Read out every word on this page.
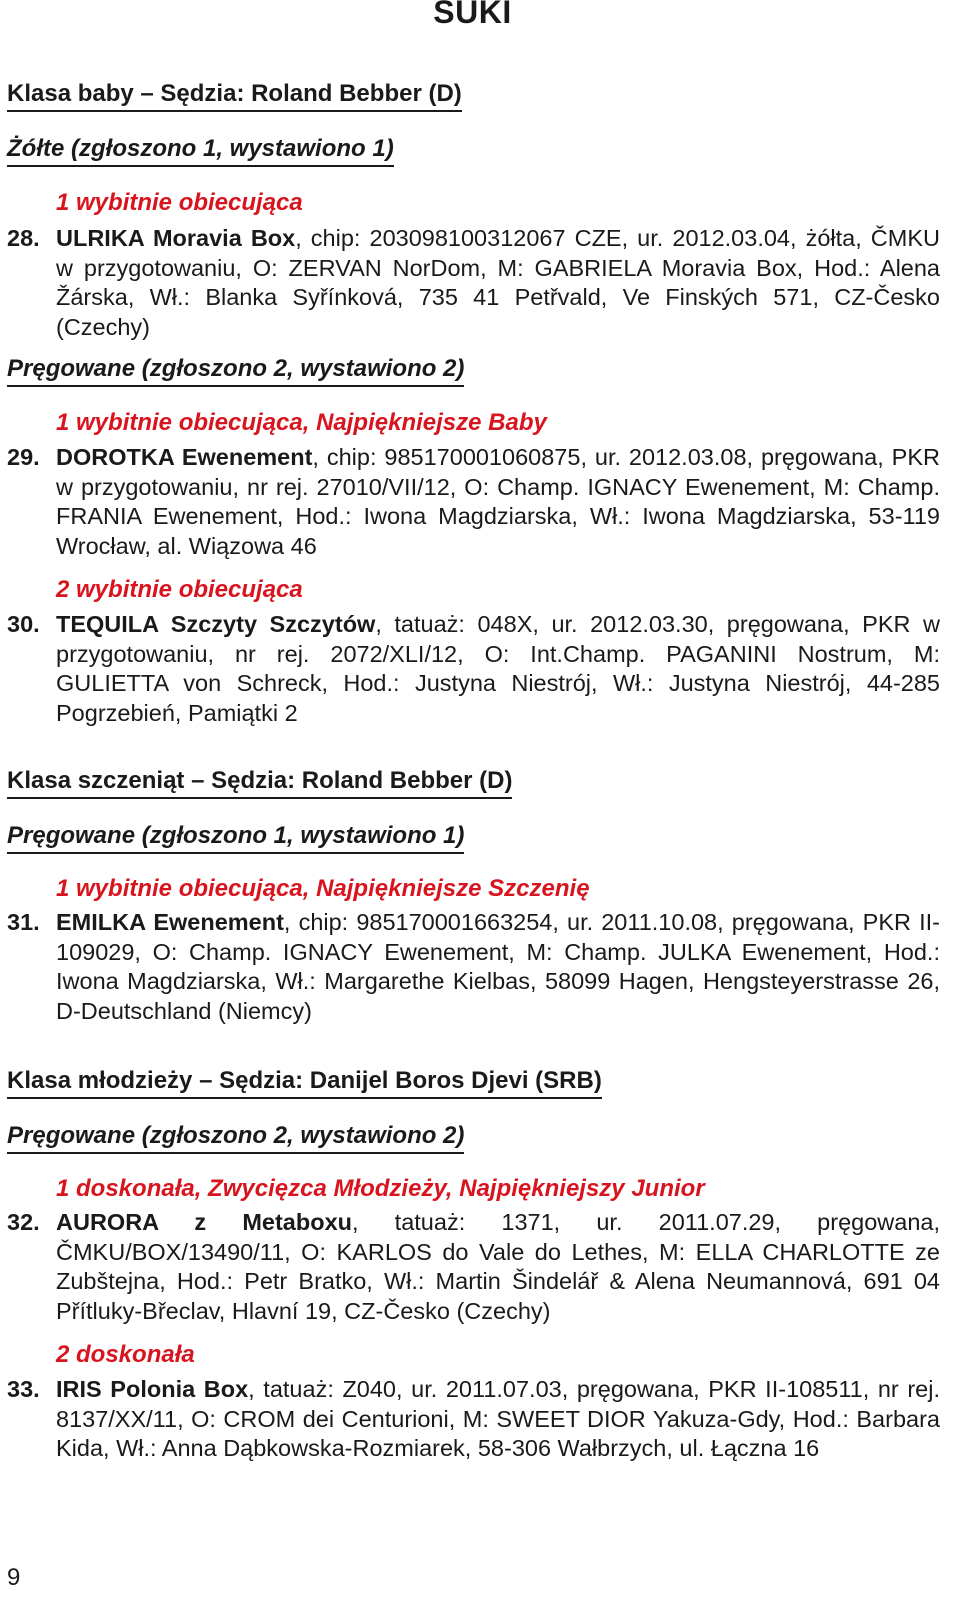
SUKI
Klasa baby – Sędzia: Roland Bebber (D)
Żółte (zgłoszono 1, wystawiono 1)
1 wybitnie obiecująca
28. ULRIKA Moravia Box, chip: 203098100312067 CZE, ur. 2012.03.04, żółta, ČMKU w przygotowaniu, O: ZERVAN NorDom, M: GABRIELA Moravia Box, Hod.: Alena Žárska, Wł.: Blanka Syřínková, 735 41 Petřvald, Ve Finských 571, CZ-Česko (Czechy)
Pręgowane (zgłoszono 2, wystawiono 2)
1 wybitnie obiecująca, Najpiękniejsze Baby
29. DOROTKA Ewenement, chip: 985170001060875, ur. 2012.03.08, pręgowana, PKR w przygotowaniu, nr rej. 27010/VII/12, O: Champ. IGNACY Ewenement, M: Champ. FRANIA Ewenement, Hod.: Iwona Magdziarska, Wł.: Iwona Magdziarska, 53-119 Wrocław, al. Wiązowa 46
2 wybitnie obiecująca
30. TEQUILA Szczyty Szczytów, tatuaż: 048X, ur. 2012.03.30, pręgowana, PKR w przygotowaniu, nr rej. 2072/XLI/12, O: Int.Champ. PAGANINI Nostrum, M: GULIETTA von Schreck, Hod.: Justyna Niestrój, Wł.: Justyna Niestrój, 44-285 Pogrzebień, Pamiątki 2
Klasa szczeniąt – Sędzia: Roland Bebber (D)
Pręgowane (zgłoszono 1, wystawiono 1)
1 wybitnie obiecująca, Najpiękniejsze Szczenię
31. EMILKA Ewenement, chip: 985170001663254, ur. 2011.10.08, pręgowana, PKR II-109029, O: Champ. IGNACY Ewenement, M: Champ. JULKA Ewenement, Hod.: Iwona Magdziarska, Wł.: Margarethe Kielbas, 58099 Hagen, Hengsteyerstrasse 26, D-Deutschland (Niemcy)
Klasa młodzieży – Sędzia: Danijel Boros Djevi (SRB)
Pręgowane (zgłoszono 2, wystawiono 2)
1 doskonała, Zwycięzca Młodzieży, Najpiękniejszy Junior
32. AURORA z Metaboxu, tatuaż: 1371, ur. 2011.07.29, pręgowana, ČMKU/BOX/13490/11, O: KARLOS do Vale do Lethes, M: ELLA CHARLOTTE ze Zubštejna, Hod.: Petr Bratko, Wł.: Martin Šindelář & Alena Neumannová, 691 04 Přítluky-Břeclav, Hlavní 19, CZ-Česko (Czechy)
2 doskonała
33. IRIS Polonia Box, tatuaż: Z040, ur. 2011.07.03, pręgowana, PKR II-108511, nr rej. 8137/XX/11, O: CROM dei Centurioni, M: SWEET DIOR Yakuza-Gdy, Hod.: Barbara Kida, Wł.: Anna Dąbkowska-Rozmiarek, 58-306 Wałbrzych, ul. Łączna 16
9
